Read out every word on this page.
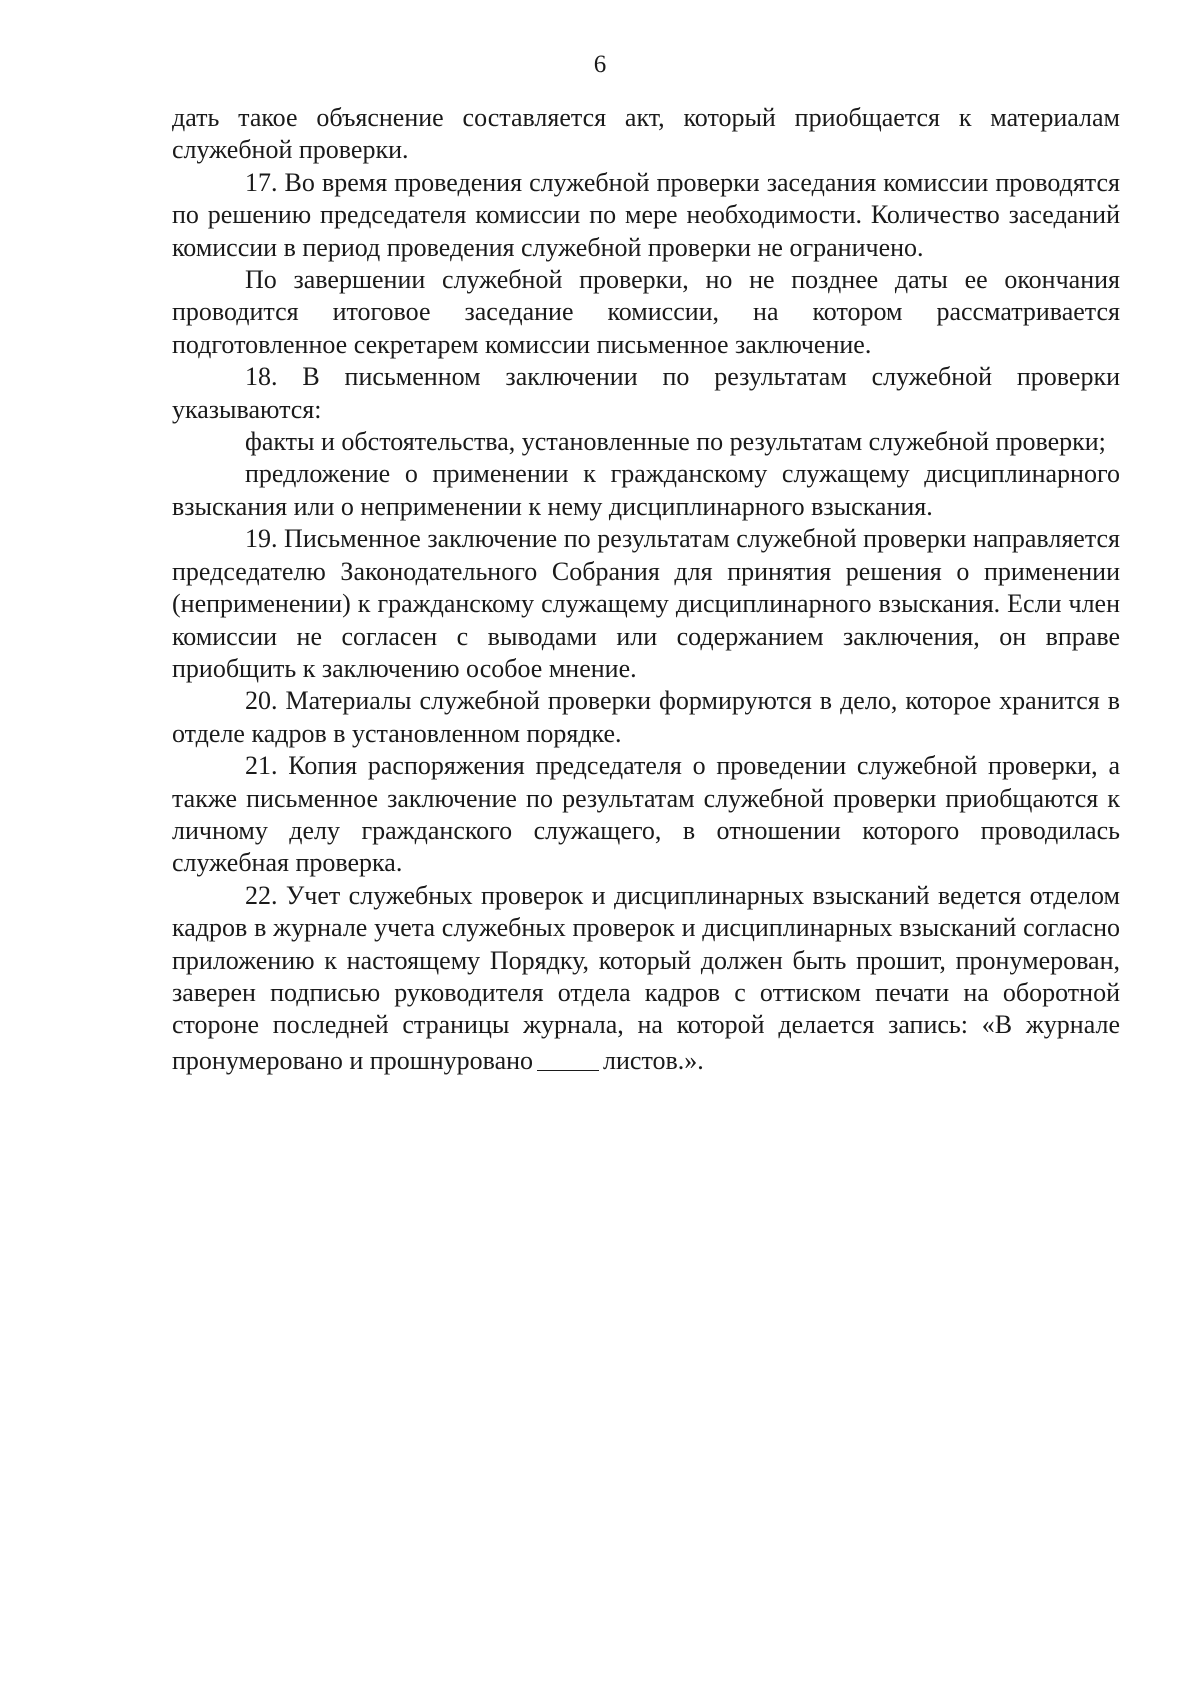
6

дать такое объяснение составляется акт, который приобщается к материалам служебной проверки.

17. Во время проведения служебной проверки заседания комиссии проводятся по решению председателя комиссии по мере необходимости. Количество заседаний комиссии в период проведения служебной проверки не ограничено.

По завершении служебной проверки, но не позднее даты ее окончания проводится итоговое заседание комиссии, на котором рассматривается подготовленное секретарем комиссии письменное заключение.

18. В письменном заключении по результатам служебной проверки указываются:

факты и обстоятельства, установленные по результатам служебной проверки;

предложение о применении к гражданскому служащему дисциплинарного взыскания или о неприменении к нему дисциплинарного взыскания.

19. Письменное заключение по результатам служебной проверки направляется председателю Законодательного Собрания для принятия решения о применении (неприменении) к гражданскому служащему дисциплинарного взыскания. Если член комиссии не согласен с выводами или содержанием заключения, он вправе приобщить к заключению особое мнение.

20. Материалы служебной проверки формируются в дело, которое хранится в отделе кадров в установленном порядке.

21. Копия распоряжения председателя о проведении служебной проверки, а также письменное заключение по результатам служебной проверки приобщаются к личному делу гражданского служащего, в отношении которого проводилась служебная проверка.

22. Учет служебных проверок и дисциплинарных взысканий ведется отделом кадров в журнале учета служебных проверок и дисциплинарных взысканий согласно приложению к настоящему Порядку, который должен быть прошит, пронумерован, заверен подписью руководителя отдела кадров с оттиском печати на оборотной стороне последней страницы журнала, на которой делается запись: «В журнале пронумеровано и прошнуровано	листов.».
